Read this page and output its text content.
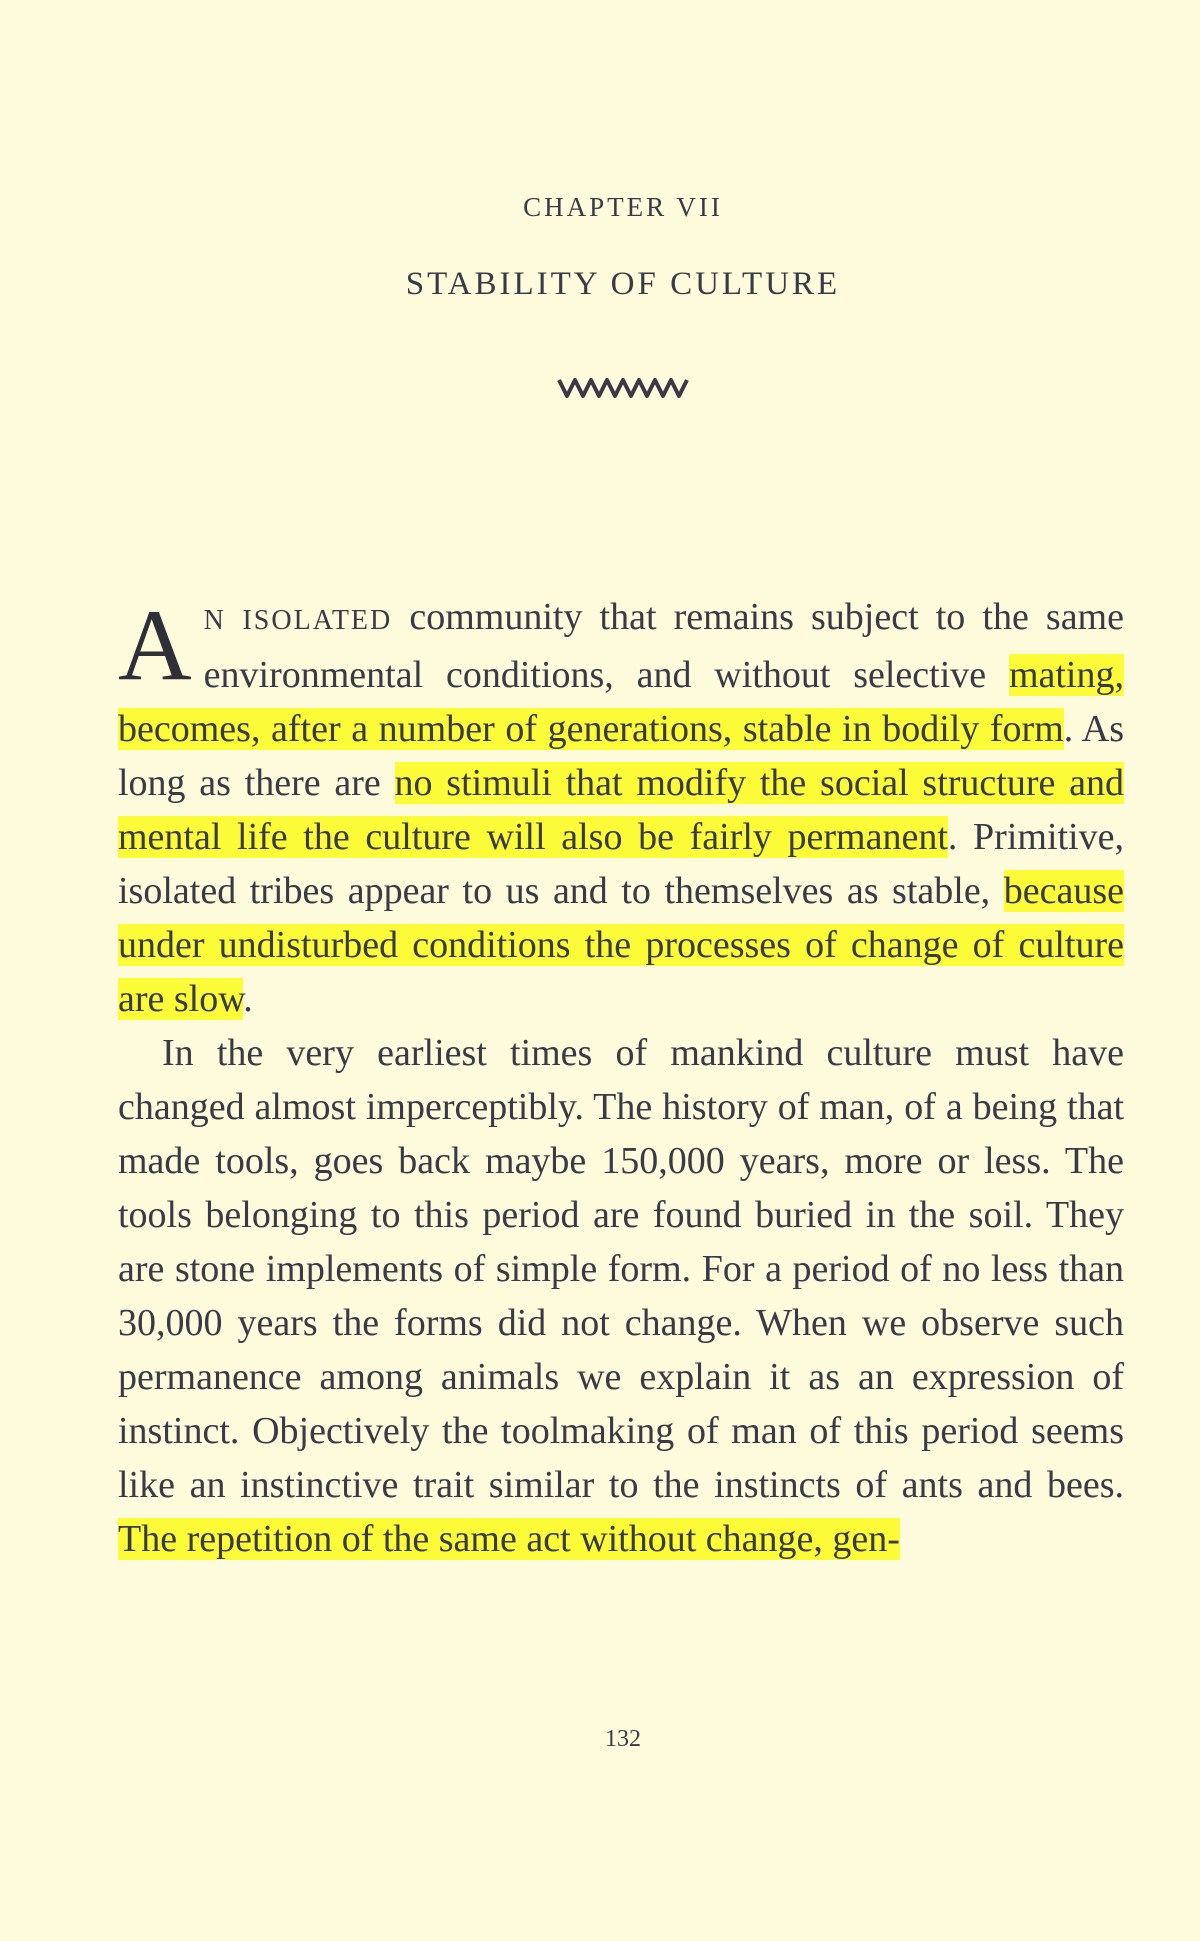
CHAPTER VII
STABILITY OF CULTURE

A N ISOLATED community that remains subject to the same environmental conditions, and without selective mating, becomes, after a number of generations, stable in bodily form. As long as there are no stimuli that modify the social structure and mental life the culture will also be fairly permanent. Primitive, isolated tribes appear to us and to themselves as stable, because under undisturbed conditions the processes of change of culture are slow.

In the very earliest times of mankind culture must have changed almost imperceptibly. The history of man, of a being that made tools, goes back maybe 150,000 years, more or less. The tools belonging to this period are found buried in the soil. They are stone implements of simple form. For a period of no less than 30,000 years the forms did not change. When we observe such permanence among animals we explain it as an expression of instinct. Objectively the toolmaking of man of this period seems like an instinctive trait similar to the instincts of ants and bees. The repetition of the same act without change, gen-

132
